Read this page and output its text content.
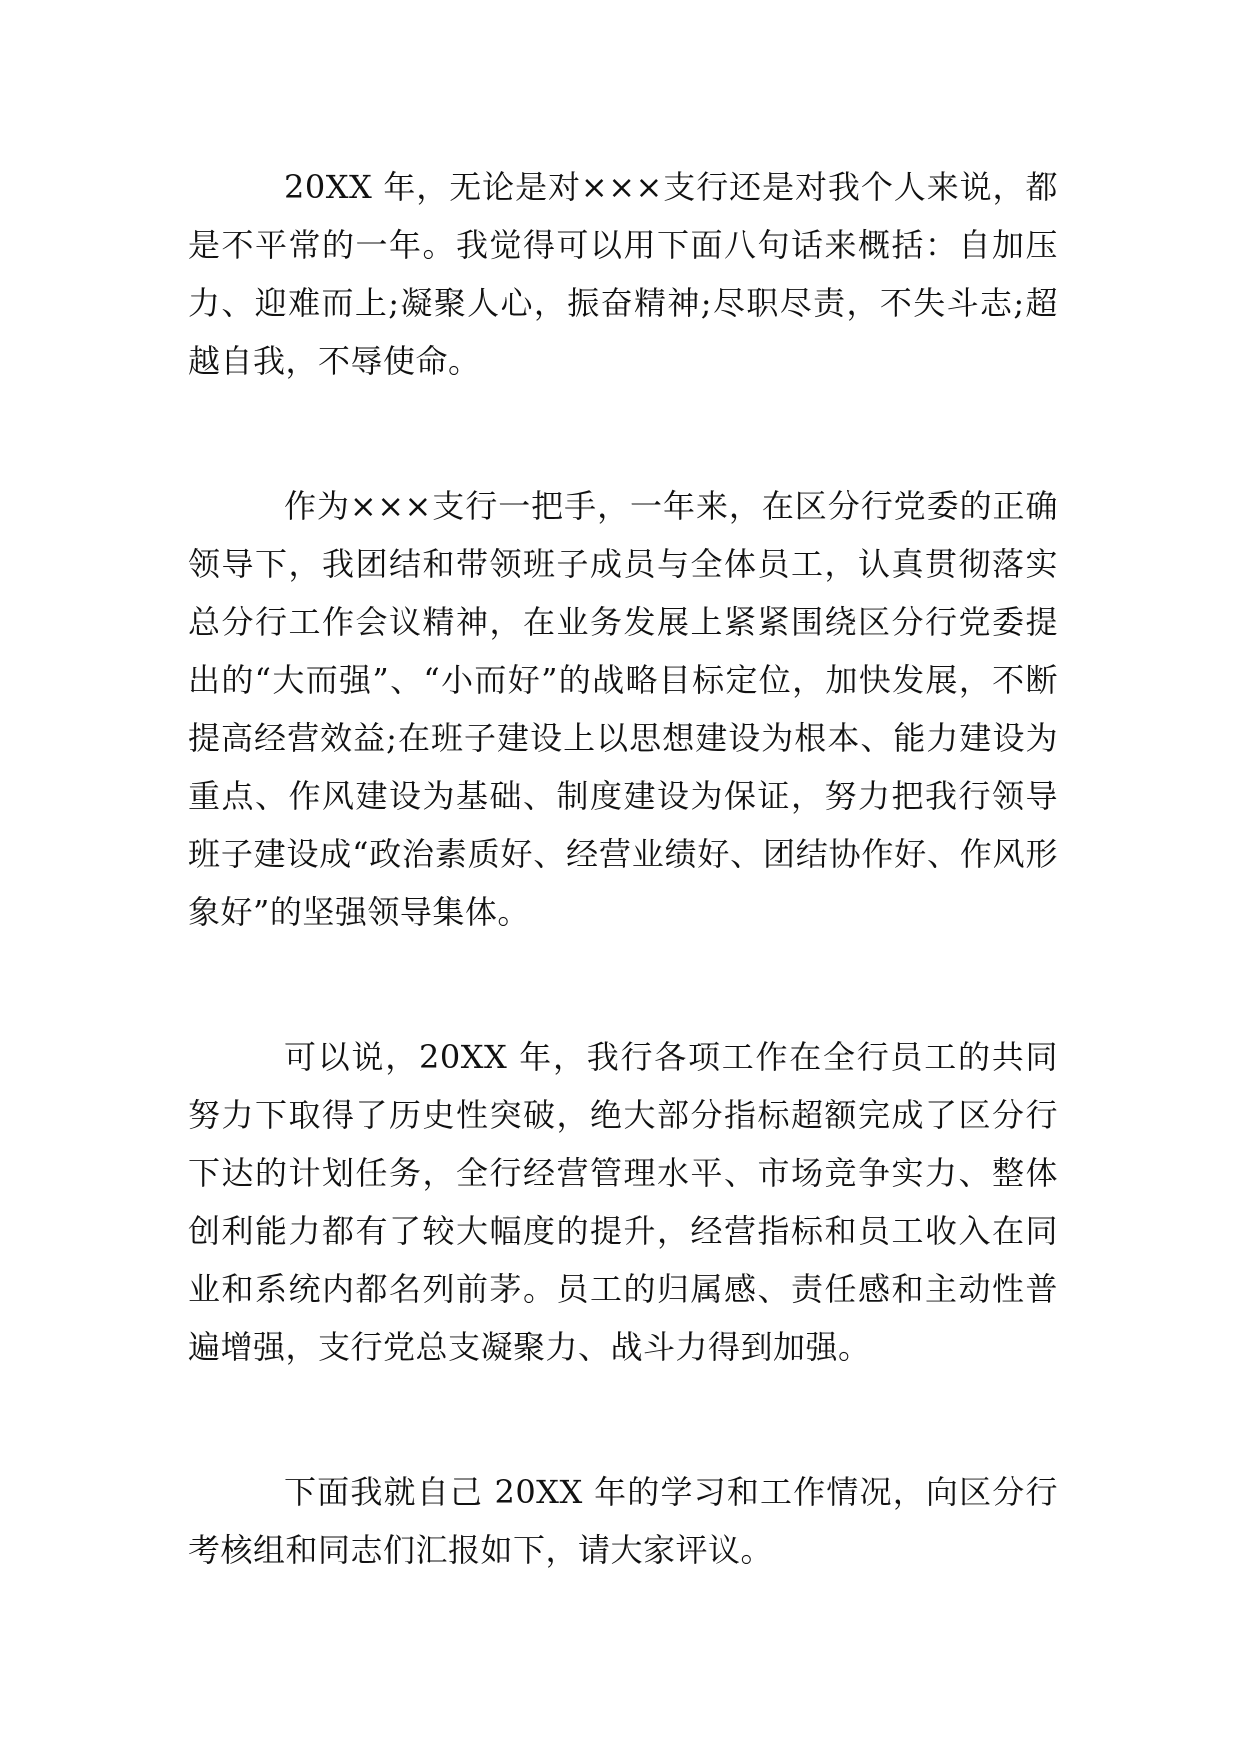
20XX 年，无论是对×××支行还是对我个人来说，都是不平常的一年。我觉得可以用下面八句话来概括：自加压力、迎难而上;凝聚人心，振奋精神;尽职尽责，不失斗志;超越自我，不辱使命。

作为×××支行一把手，一年来，在区分行党委的正确领导下，我团结和带领班子成员与全体员工，认真贯彻落实总分行工作会议精神，在业务发展上紧紧围绕区分行党委提出的“大而强”、“小而好”的战略目标定位，加快发展，不断提高经营效益;在班子建设上以思想建设为根本、能力建设为重点、作风建设为基础、制度建设为保证，努力把我行领导班子建设成“政治素质好、经营业绩好、团结协作好、作风形象好”的坚强领导集体。

可以说，20XX 年，我行各项工作在全行员工的共同努力下取得了历史性突破，绝大部分指标超额完成了区分行下达的计划任务，全行经营管理水平、市场竞争实力、整体创利能力都有了较大幅度的提升，经营指标和员工收入在同业和系统内都名列前茅。员工的归属感、责任感和主动性普遍增强，支行党总支凝聚力、战斗力得到加强。

下面我就自己 20XX 年的学习和工作情况，向区分行考核组和同志们汇报如下，请大家评议。
